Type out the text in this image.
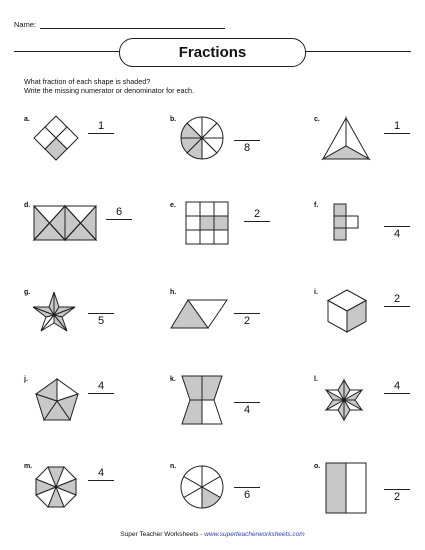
Name:
Fractions
What fraction of each shape is shaded?
Write the missing numerator or denominator for each.
a.
1
b.
8
c.
1
d.
6
e.
2
f.
4
g.
5
h.
2
i.
2
j.
4
k.
4
l.
4
m.
4
n.
6
o.
2
Super Teacher Worksheets - www.superteacherworksheets.com
